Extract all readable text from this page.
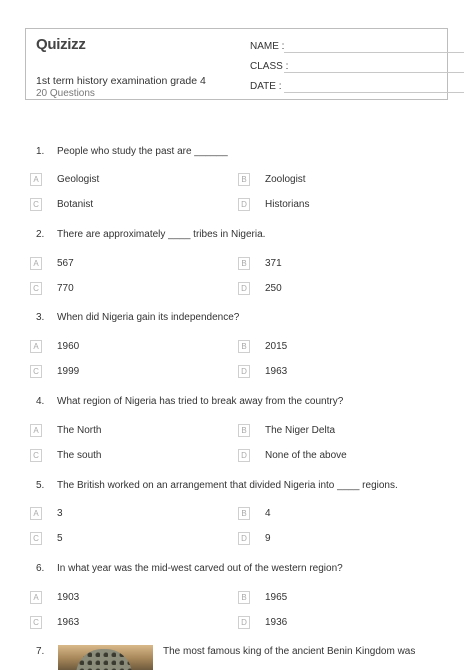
Quizizz
1st term history examination grade 4
20 Questions
NAME :
CLASS :
DATE :
1.	People who study the past are ______
A	Geologist	B	Zoologist
C	Botanist	D	Historians
2.	There are approximately ____ tribes in Nigeria.
A	567	B	371
C	770	D	250
3.	When did Nigeria gain its independence?
A	1960	B	2015
C	1999	D	1963
4.	What region of Nigeria has tried to break away from the country?
A	The North	B	The Niger Delta
C	The south	D	None of the above
5.	The British worked on an arrangement that divided Nigeria into ____ regions.
A	3	B	4
C	5	D	9
6.	In what year was the mid-west carved out of the western region?
A	1903	B	1965
C	1963	D	1936
7.	The most famous king of the ancient Benin Kingdom was
